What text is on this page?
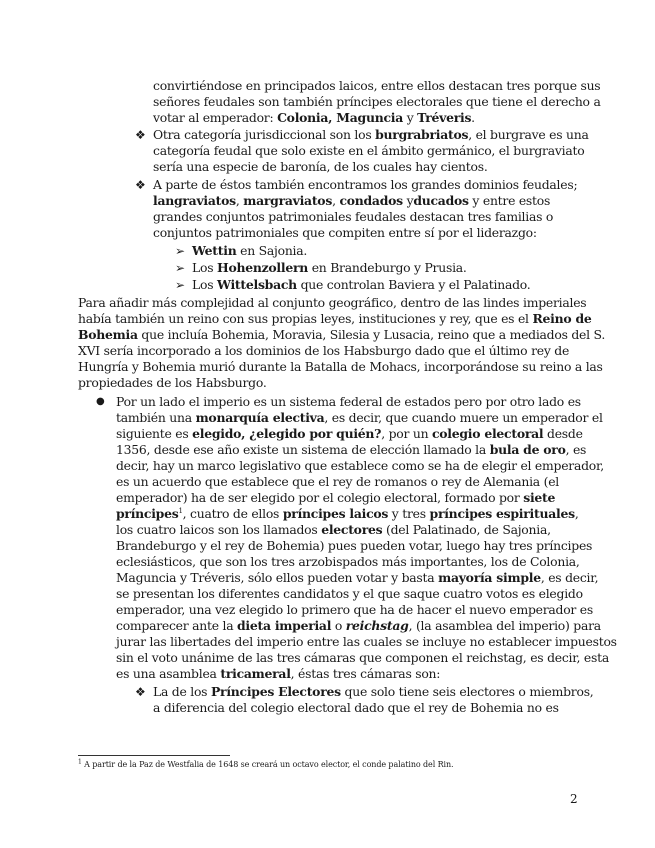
convirtiéndose en principados laicos, entre ellos destacan tres porque sus
señores feudales son también príncipes electorales que tiene el derecho a
votar al emperador: Colonia, Maguncia y Tréveris.
❖ Otra categoría jurisdiccional son los burgrabriatos, el burgrave es una
categoría feudal que solo existe en el ámbito germánico, el burgraviato
sería una especie de baronía, de los cuales hay cientos.
❖ A parte de éstos también encontramos los grandes dominios feudales;
langraviatos, margraviatos, condados yducados y entre estos
grandes conjuntos patrimoniales feudales destacan tres familias o
conjuntos patrimoniales que compiten entre sí por el liderazgo:
➢ Wettin en Sajonia.
➢ Los Hohenzollern en Brandeburgo y Prusia.
➢ Los Wittelsbach que controlan Baviera y el Palatinado.
Para añadir más complejidad al conjunto geográfico, dentro de las lindes imperiales
había también un reino con sus propias leyes, instituciones y rey, que es el Reino de
Bohemia que incluía Bohemia, Moravia, Silesia y Lusacia, reino que a mediados del S.
XVI sería incorporado a los dominios de los Habsburgo dado que el último rey de
Hungría y Bohemia murió durante la Batalla de Mohacs, incorporándose su reino a las
propiedades de los Habsburgo.
● Por un lado el imperio es un sistema federal de estados pero por otro lado es
también una monarquía electiva, es decir, que cuando muere un emperador el
siguiente es elegido, ¿elegido por quién?, por un colegio electoral desde
1356, desde ese año existe un sistema de elección llamado la bula de oro, es
decir, hay un marco legislativo que establece como se ha de elegir el emperador,
es un acuerdo que establece que el rey de romanos o rey de Alemania (el
emperador) ha de ser elegido por el colegio electoral, formado por siete
príncipes$^1$, cuatro de ellos príncipes laicos y tres príncipes espirituales,
los cuatro laicos son los llamados electores (del Palatinado, de Sajonia,
Brandeburgo y el rey de Bohemia) pues pueden votar, luego hay tres príncipes
eclesiásticos, que son los tres arzobispados más importantes, los de Colonia,
Maguncia y Tréveris, sólo ellos pueden votar y basta mayoría simple, es decir,
se presentan los diferentes candidatos y el que saque cuatro votos es elegido
emperador, una vez elegido lo primero que ha de hacer el nuevo emperador es
comparecer ante la dieta imperial o reichstag, (la asamblea del imperio) para
jurar las libertades del imperio entre las cuales se incluye no establecer impuestos
sin el voto unánime de las tres cámaras que componen el reichstag, es decir, esta
es una asamblea tricameral, éstas tres cámaras son:
❖ La de los Príncipes Electores que solo tiene seis electores o miembros,
a diferencia del colegio electoral dado que el rey de Bohemia no es
$^1$ A partir de la Paz de Westfalia de 1648 se creará un octavo elector, el conde palatino del Rin.
2
